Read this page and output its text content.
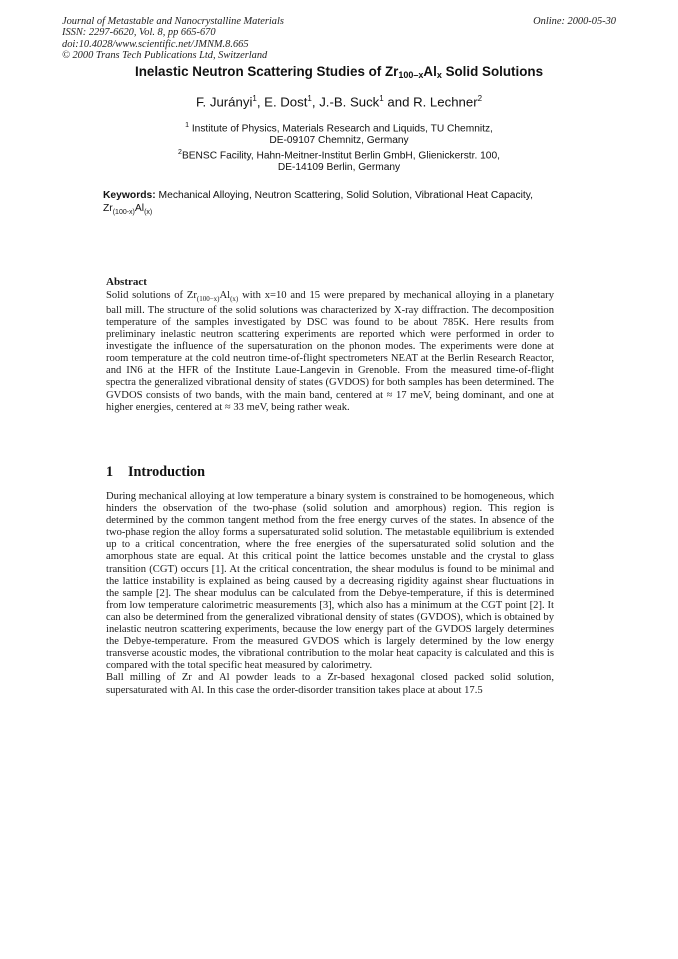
Journal of Metastable and Nanocrystalline Materials
ISSN: 2297-6620, Vol. 8, pp 665-670
doi:10.4028/www.scientific.net/JMNM.8.665
© 2000 Trans Tech Publications Ltd, Switzerland
Online: 2000-05-30
Inelastic Neutron Scattering Studies of $Zr_{100-x}Al_x$ Solid Solutions
F. Jurányi$^1$, E. Dost$^1$, J.-B. Suck$^1$ and R. Lechner$^2$
$^1$ Institute of Physics, Materials Research and Liquids, TU Chemnitz,
DE-09107 Chemnitz, Germany
$^2$BENSC Facility, Hahn-Meitner-Institut Berlin GmbH, Glienickerstr. 100,
DE-14109 Berlin, Germany
Keywords: Mechanical Alloying, Neutron Scattering, Solid Solution, Vibrational Heat Capacity,
$Zr_{(100-x)}Al_{(x)}$
Abstract

Solid solutions of $Zr_{(100-x)}Al_{(x)}$ with x=10 and 15 were prepared by mechanical alloying in a planetary ball mill. The structure of the solid solutions was characterized by X-ray diffraction. The decomposition temperature of the samples investigated by DSC was found to be about 785K. Here results from preliminary inelastic neutron scattering experiments are reported which were performed in order to investigate the influence of the supersaturation on the phonon modes. The experiments were done at room temperature at the cold neutron time-of-flight spectrometers NEAT at the Berlin Research Reactor, and IN6 at the HFR of the Institute Laue-Langevin in Grenoble. From the measured time-of-flight spectra the generalized vibrational density of states (GVDOS) for both samples has been determined. The GVDOS consists of two bands, with the main band, centered at ≈ 17 meV, being dominant, and one at higher energies, centered at ≈ 33 meV, being rather weak.

1 Introduction

During mechanical alloying at low temperature a binary system is constrained to be homogeneous, which hinders the observation of the two-phase (solid solution and amorphous) region. This region is determined by the common tangent method from the free energy curves of the states. In absence of the two-phase region the alloy forms a supersaturated solid solution. The metastable equilibrium is extended up to a critical concentration, where the free energies of the supersaturated solid solution and the amorphous state are equal. At this critical point the lattice becomes unstable and the crystal to glass transition (CGT) occurs [1]. At the critical concentration, the shear modulus is found to be minimal and the lattice instability is explained as being caused by a decreasing rigidity against shear fluctuations in the sample [2]. The shear modulus can be calculated from the Debye-temperature, if this is determined from low temperature calorimetric measurements [3], which also has a minimum at the CGT point [2]. It can also be determined from the generalized vibrational density of states (GVDOS), which is obtained by inelastic neutron scattering experiments, because the low energy part of the GVDOS largely determines the Debye-temperature. From the measured GVDOS which is largely determined by the low energy transverse acoustic modes, the vibrational contribution to the molar heat capacity is calculated and this is compared with the total specific heat measured by calorimetry.

Ball milling of Zr and Al powder leads to a Zr-based hexagonal closed packed solid solution, supersaturated with Al. In this case the order-disorder transition takes place at about 17.5
